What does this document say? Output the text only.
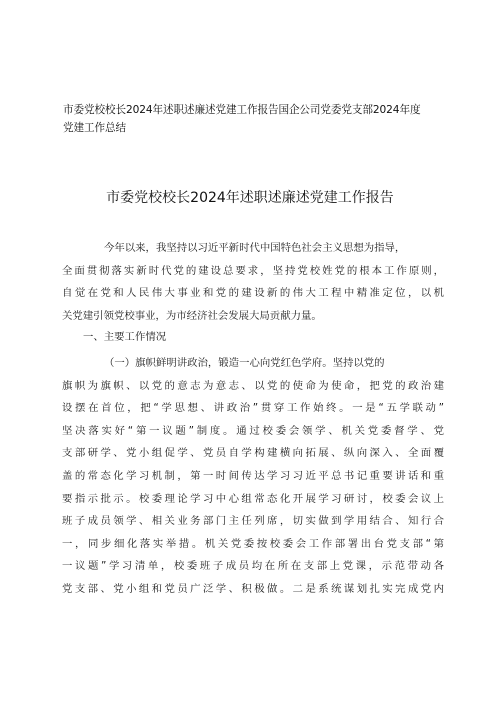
市委党校校长2024年述职述廉述党建工作报告国企公司党委党支部2024年度
党建工作总结
市委党校校长2024年述职述廉述党建工作报告
今年以来，我坚持以习近平新时代中国特色社会主义思想为指导，
全面贯彻落实新时代党的建设总要求，坚持党校姓党的根本工作原则，
自觉在党和人民伟大事业和党的建设新的伟大工程中精准定位，以机
关党建引领党校事业，为市经济社会发展大局贡献力量。
一、主要工作情况
（一）旗帜鲜明讲政治，锻造一心向党红色学府。坚持以党的
旗帜为旗帜、以党的意志为意志、以党的使命为使命，把党的政治建
设摆在首位，把“学思想、讲政治”贯穿工作始终。一是“五学联动”
坚决落实好“第一议题”制度。通过校委会领学、机关党委督学、党
支部研学、党小组促学、党员自学构建横向拓展、纵向深入、全面覆
盖的常态化学习机制，第一时间传达学习习近平总书记重要讲话和重
要指示批示。校委理论学习中心组常态化开展学习研讨，校委会议上
班子成员领学、相关业务部门主任列席，切实做到学用结合、知行合
一，同步细化落实举措。机关党委按校委会工作部署出台党支部“第
一议题”学习清单，校委班子成员均在所在支部上党课，示范带动各
党支部、党小组和党员广泛学、积极做。二是系统谋划扎实完成党内
